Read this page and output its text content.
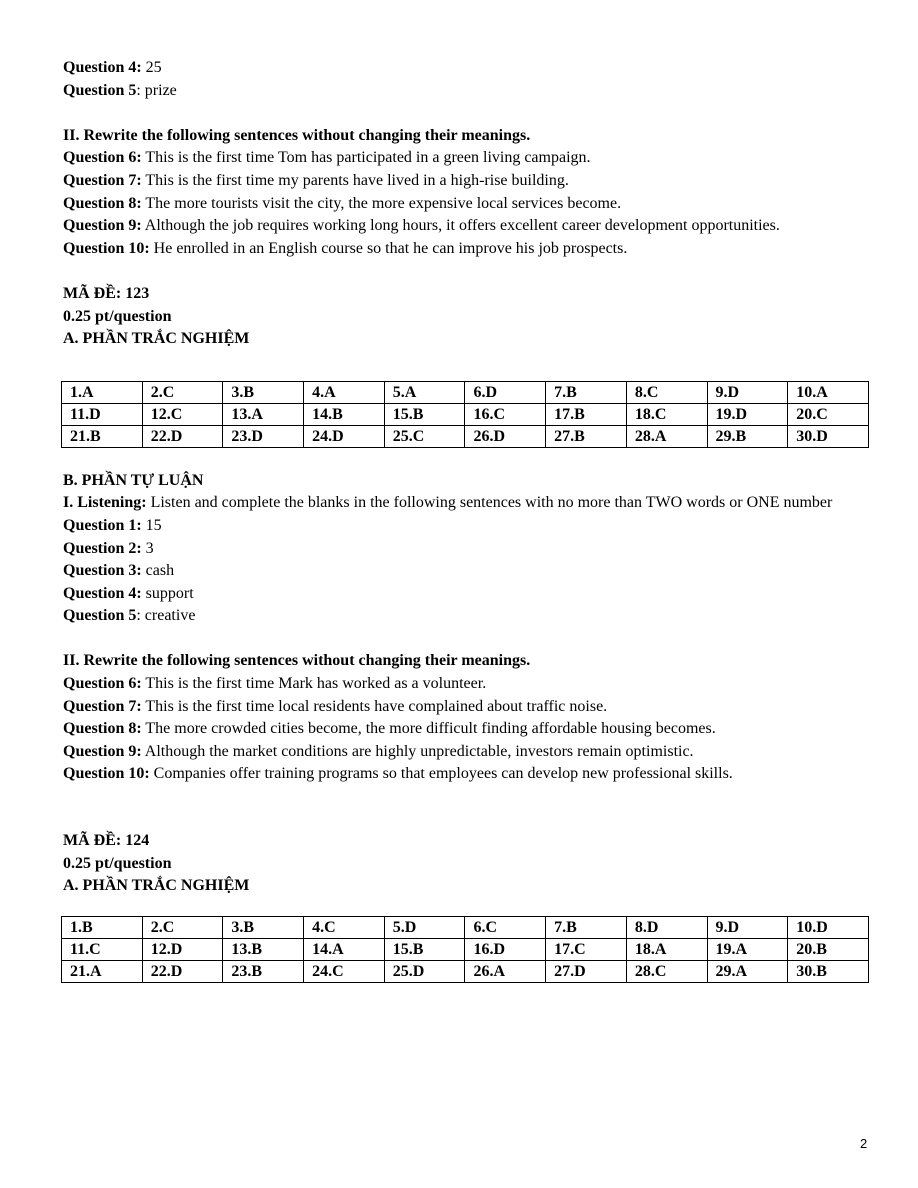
Question 4: 25
Question 5: prize
II. Rewrite the following sentences without changing their meanings.
Question 6: This is the first time Tom has participated in a green living campaign.
Question 7: This is the first time my parents have lived in a high-rise building.
Question 8: The more tourists visit the city, the more expensive local services become.
Question 9: Although the job requires working long hours, it offers excellent career development opportunities.
Question 10: He enrolled in an English course so that he can improve his job prospects.
MÃ ĐỀ: 123
0.25 pt/question
A. PHẦN TRẮC NGHIỆM
1.A	2.C	3.B	4.A	5.A	6.D	7.B	8.C	9.D	10.A
11.D	12.C	13.A	14.B	15.B	16.C	17.B	18.C	19.D	20.C
21.B	22.D	23.D	24.D	25.C	26.D	27.B	28.A	29.B	30.D
B. PHẦN TỰ LUẬN
I. Listening: Listen and complete the blanks in the following sentences with no more than TWO words or ONE number
Question 1: 15
Question 2: 3
Question 3: cash
Question 4: support
Question 5: creative
II. Rewrite the following sentences without changing their meanings.
Question 6: This is the first time Mark has worked as a volunteer.
Question 7: This is the first time local residents have complained about traffic noise.
Question 8: The more crowded cities become, the more difficult finding affordable housing becomes.
Question 9: Although the market conditions are highly unpredictable, investors remain optimistic.
Question 10: Companies offer training programs so that employees can develop new professional skills.
MÃ ĐỀ: 124
0.25 pt/question
A. PHẦN TRẮC NGHIỆM
1.B	2.C	3.B	4.C	5.D	6.C	7.B	8.D	9.D	10.D
11.C	12.D	13.B	14.A	15.B	16.D	17.C	18.A	19.A	20.B
21.A	22.D	23.B	24.C	25.D	26.A	27.D	28.C	29.A	30.B
2
